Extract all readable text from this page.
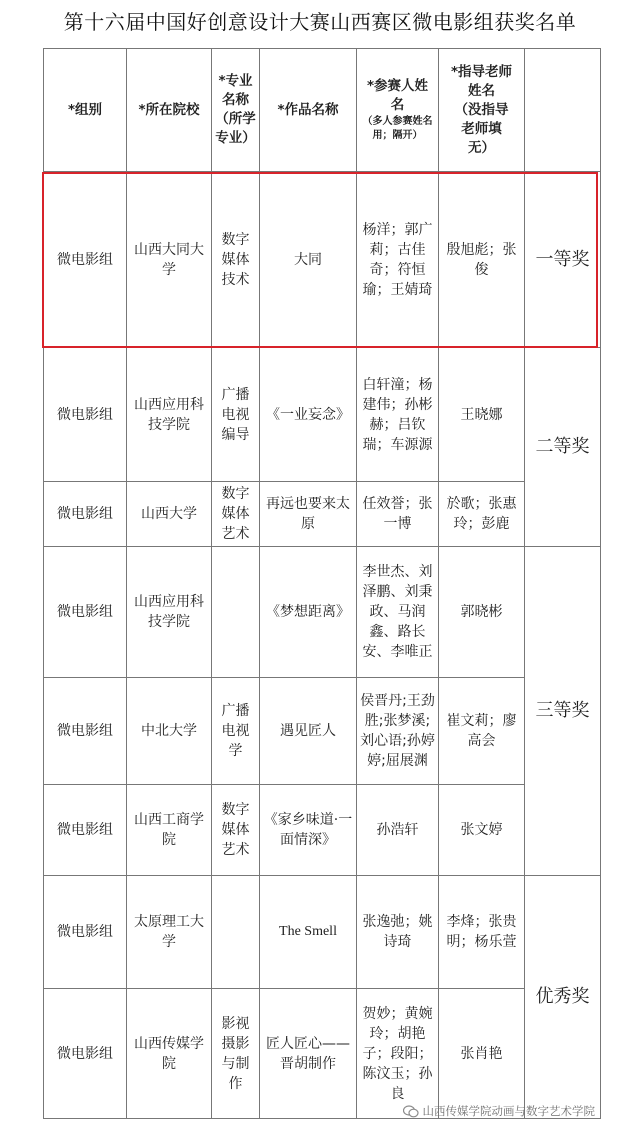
第十六届中国好创意设计大赛山西赛区微电影组获奖名单
*组别	*所在院校	*专业
名称
（所学
专业）	*作品名称	*参赛人姓
名
（多人参赛姓名用；隔开）	*指导老师
姓名
（没指导
老师填
无）	
微电影组	山西大同大学	数字媒体技术	大同	杨洋；郭广莉；古佳奇；符恒瑜；王婧琦	殷旭彪；张俊	一等奖
微电影组	山西应用科技学院	广播电视编导	《一业妄念》	白轩潼；杨建伟；孙彬赫；吕钦瑞；车源源	王晓娜	二等奖
微电影组	山西大学	数字媒体艺术	再远也要来太原	任效誉；张一博	於歌；张惠玲；彭鹿	
微电影组	山西应用科技学院		《梦想距离》	李世杰、刘泽鹏、刘秉政、马润鑫、路长安、李唯正	郭晓彬	三等奖
微电影组	中北大学	广播电视学	遇见匠人	侯晋丹;王劲胜;张梦溪;刘心语;孙婷婷;屈展渊	崔文莉；廖高会	
微电影组	山西工商学院	数字媒体艺术	《家乡味道·一面情深》	孙浩轩	张文婷	
微电影组	太原理工大学		The Smell	张逸弛；姚诗琦	李烽；张贵明；杨乐萱	优秀奖
微电影组	山西传媒学院	影视摄影与制作	匠人匠心——晋胡制作	贺妙；黄婉玲；胡艳子；段阳；陈汶玉；孙良	张肖艳	
山西传媒学院动画与数字艺术学院
